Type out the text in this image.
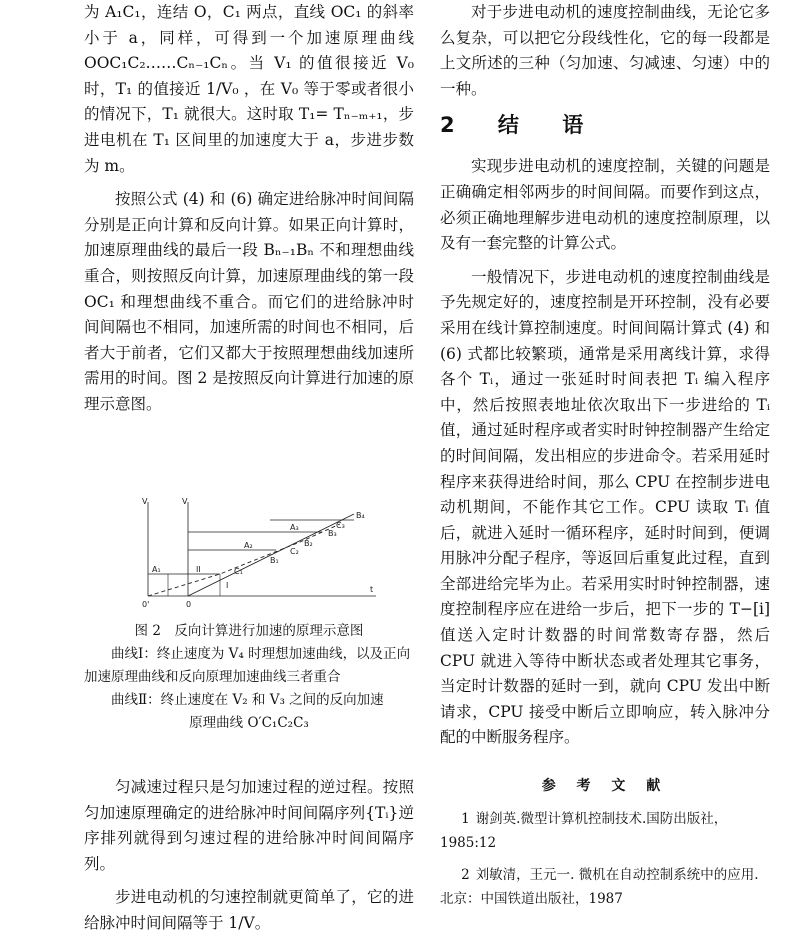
为 A₁C₁，连结 O，C₁ 两点，直线 OC₁ 的斜率小于 a，同样，可得到一个加速原理曲线 OOC₁C₂……Cₙ₋₁Cₙ。当 V₁ 的值很接近 V₀ 时，T₁ 的值接近 1/V₀ ，在 V₀ 等于零或者很小的情况下，T₁ 就很大。这时取 T₁= Tₙ₋ₘ₊₁，步进电机在 T₁ 区间里的加速度大于 a，步进步数为 m。

按照公式 (4) 和 (6) 确定进给脉冲时间间隔分别是正向计算和反向计算。如果正向计算时，加速原理曲线的最后一段 Bₙ₋₁Bₙ 不和理想曲线重合，则按照反向计算，加速原理曲线的第一段 OC₁ 和理想曲线不重合。而它们的进给脉冲时间间隔也不相同，加速所需的时间也不相同，后者大于前者，它们又都大于按照理想曲线加速所需用的时间。图 2 是按照反向计算进行加速的原理示意图。

V	V
t
0'	0
A₁
A₂
A₃
B₁
B₂
B₃
B₄
C₁
C₂
C₃
II
I

图 2　反向计算进行加速的原理示意图

曲线Ⅰ：终止速度为 V₄ 时理想加速曲线，以及正向加速原理曲线和反向原理加速曲线三者重合

曲线Ⅱ：终止速度在 V₂ 和 V₃ 之间的反向加速

原理曲线 O′C₁C₂C₃

匀减速过程只是匀加速过程的逆过程。按照匀加速原理确定的进给脉冲时间间隔序列{Tᵢ}逆序排列就得到匀速过程的进给脉冲时间间隔序列。

步进电动机的匀速控制就更简单了，它的进给脉冲时间间隔等于 1/V。

对于步进电动机的速度控制曲线，无论它多么复杂，可以把它分段线性化，它的每一段都是上文所述的三种（匀加速、匀减速、匀速）中的一种。

2 结 语

实现步进电动机的速度控制，关键的问题是正确确定相邻两步的时间间隔。而要作到这点，必须正确地理解步进电动机的速度控制原理，以及有一套完整的计算公式。

一般情况下，步进电动机的速度控制曲线是予先规定好的，速度控制是开环控制，没有必要采用在线计算控制速度。时间间隔计算式 (4) 和 (6) 式都比较繁琐，通常是采用离线计算，求得各个 Tᵢ，通过一张延时时间表把 Tᵢ 编入程序中，然后按照表地址依次取出下一步进给的 Tᵢ 值，通过延时程序或者实时时钟控制器产生给定的时间间隔，发出相应的步进命令。若采用延时程序来获得进给时间，那么 CPU 在控制步进电动机期间，不能作其它工作。CPU 读取 Tᵢ 值后，就进入延时一循环程序，延时时间到，便调用脉冲分配子程序，等返回后重复此过程，直到全部进给完毕为止。若采用实时时钟控制器，速度控制程序应在进给一步后，把下一步的 T−[i] 值送入定时计数器的时间常数寄存器，然后 CPU 就进入等待中断状态或者处理其它事务，当定时计数器的延时一到，就向 CPU 发出中断请求，CPU 接受中断后立即响应，转入脉冲分配的中断服务程序。

参 考 文 献

1 谢剑英.微型计算机控制技术.国防出版社，1985:12

2 刘敏清，王元一. 微机在自动控制系统中的应用. 北京：中国铁道出版社，1987
